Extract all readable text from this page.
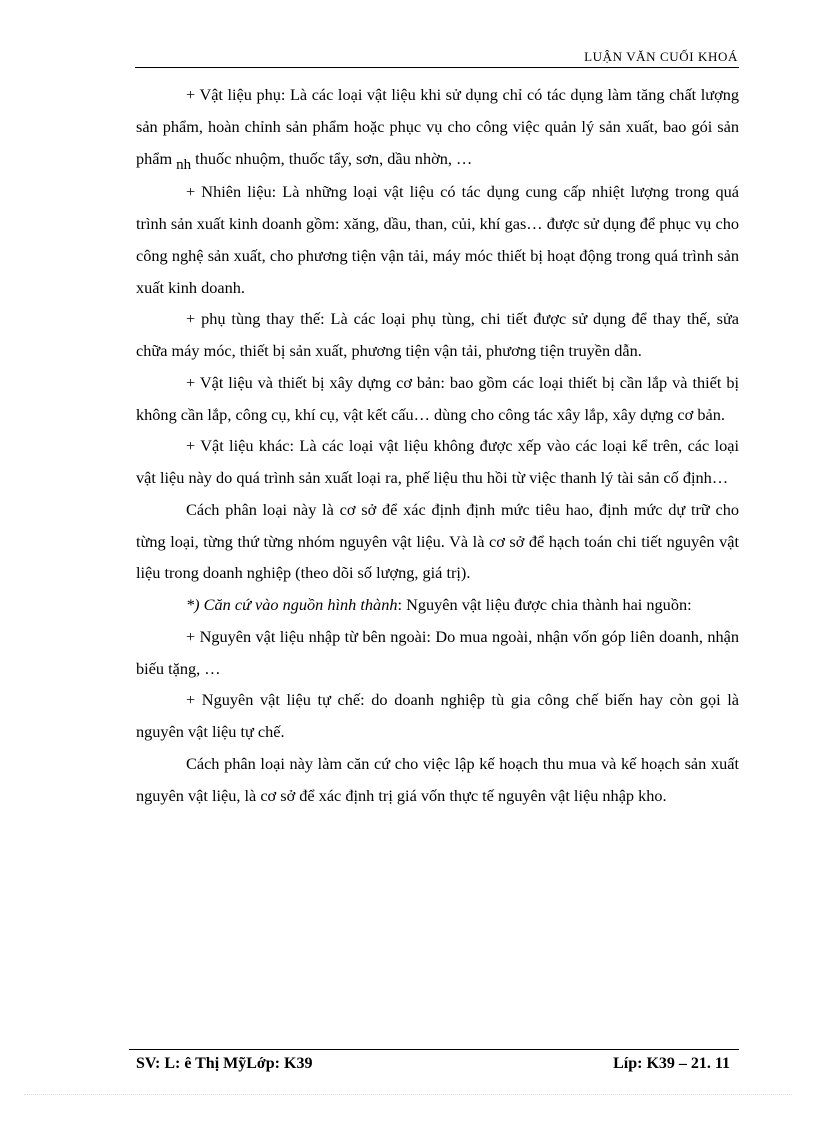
LUẬN VĂN CUỐI KHOÁ

+ Vật liệu phụ: Là các loại vật liệu khi sử dụng chỉ có tác dụng làm tăng chất lượng sản phẩm, hoàn chỉnh sản phẩm hoặc phục vụ cho công việc quản lý sản xuất, bao gói sản phẩm nh thuốc nhuộm, thuốc tẩy, sơn, dầu nhờn, …

+ Nhiên liệu: Là những loại vật liệu có tác dụng cung cấp nhiệt lượng trong quá trình sản xuất kinh doanh gồm: xăng, dầu, than, củi, khí gas… được sử dụng để phục vụ cho công nghệ sản xuất, cho phương tiện vận tải, máy móc thiết bị hoạt động trong quá trình sản xuất kinh doanh.

+ phụ tùng thay thế: Là các loại phụ tùng, chi tiết được sử dụng để thay thế, sửa chữa máy móc, thiết bị sản xuất, phương tiện vận tải, phương tiện truyền dẫn.

+ Vật liệu và thiết bị xây dựng cơ bản: bao gồm các loại thiết bị cần lắp và thiết bị không cần lắp, công cụ, khí cụ, vật kết cấu… dùng cho công tác xây lắp, xây dựng cơ bản.

+ Vật liệu khác: Là các loại vật liệu không được xếp vào các loại kể trên, các loại vật liệu này do quá trình sản xuất loại ra, phế liệu thu hồi từ việc thanh lý tài sản cố định…

Cách phân loại này là cơ sở để xác định định mức tiêu hao, định mức dự trữ cho từng loại, từng thứ từng nhóm nguyên vật liệu. Và là cơ sở để hạch toán chi tiết nguyên vật liệu trong doanh nghiệp (theo dõi số lượng, giá trị).

*) Căn cứ vào nguồn hình thành: Nguyên vật liệu được chia thành hai nguồn:

+ Nguyên vật liệu nhập từ bên ngoài: Do mua ngoài, nhận vốn góp liên doanh, nhận biếu tặng, …

+ Nguyên vật liệu tự chế: do doanh nghiệp tù gia công chế biến hay còn gọi là nguyên vật liệu tự chế.

Cách phân loại này làm căn cứ cho việc lập kế hoạch thu mua và kế hoạch sản xuất nguyên vật liệu, là cơ sở để xác định trị giá vốn thực tế nguyên vật liệu nhập kho.

SV: L: ê Thị MỹLớp: K39	Líp: K39 – 21. 11
